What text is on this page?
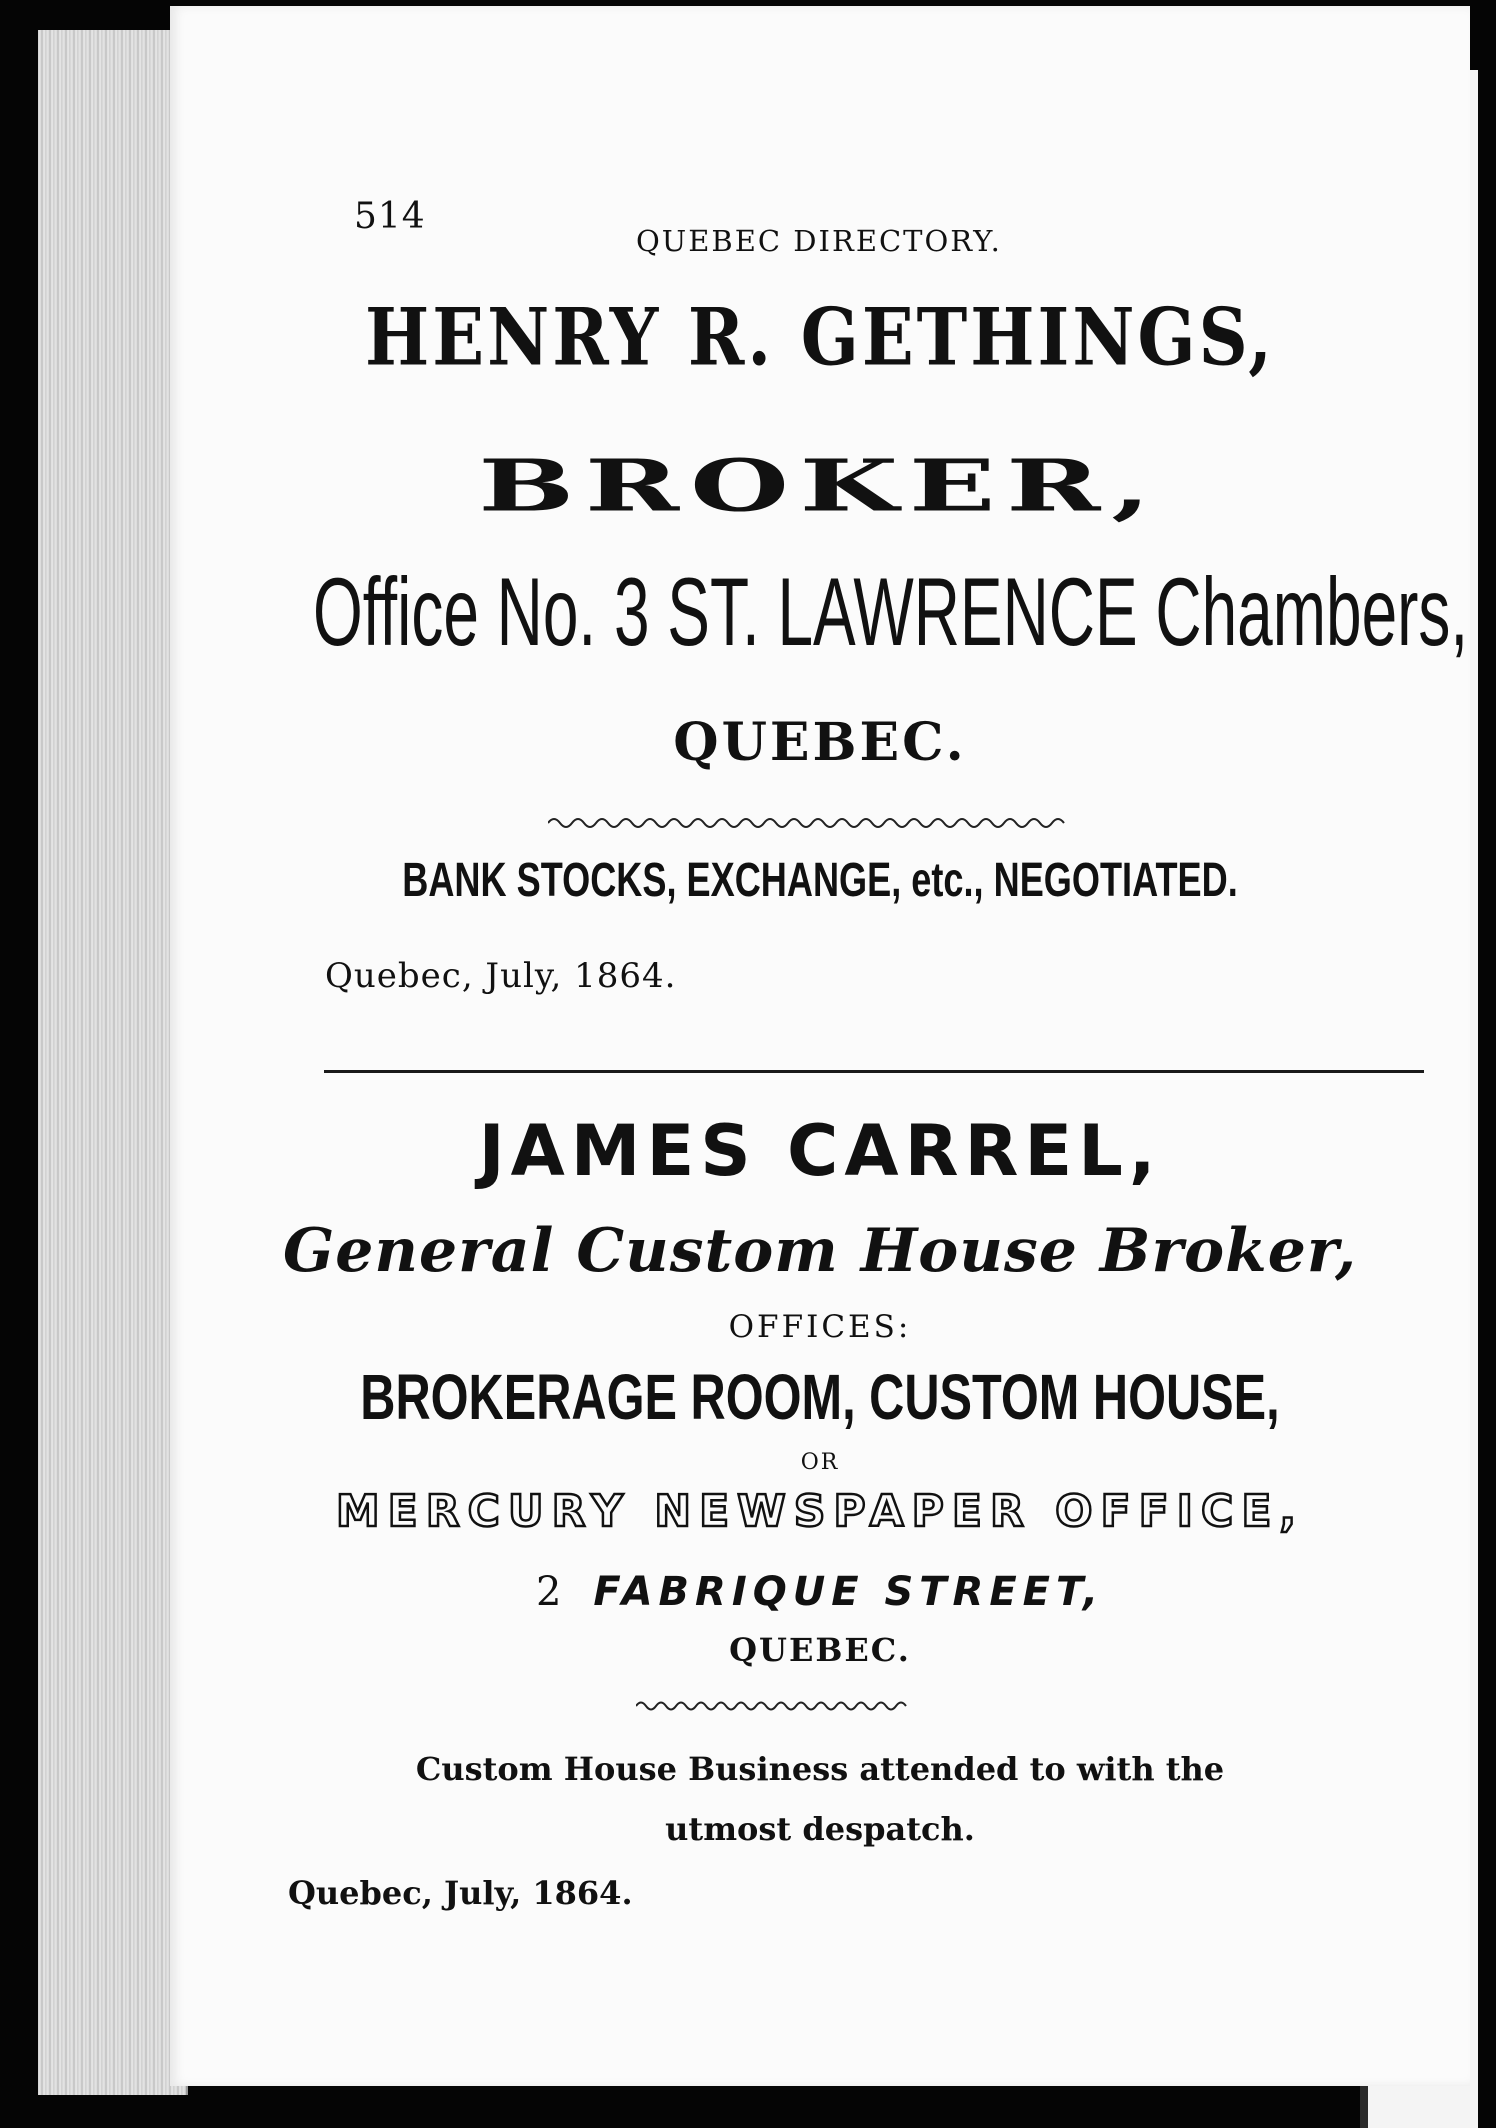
514
QUEBEC DIRECTORY.
HENRY R. GETHINGS,
BROKER,
Office No. 3 ST. LAWRENCE Chambers,
QUEBEC.
BANK STOCKS, EXCHANGE, etc., NEGOTIATED.
Quebec, July, 1864.
JAMES CARREL,
General Custom House Broker,
OFFICES:
BROKERAGE ROOM, CUSTOM HOUSE,
OR
MERCURY NEWSPAPER OFFICE,
2 FABRIQUE STREET,
QUEBEC.
Custom House Business attended to with the
utmost despatch.
Quebec, July, 1864.
